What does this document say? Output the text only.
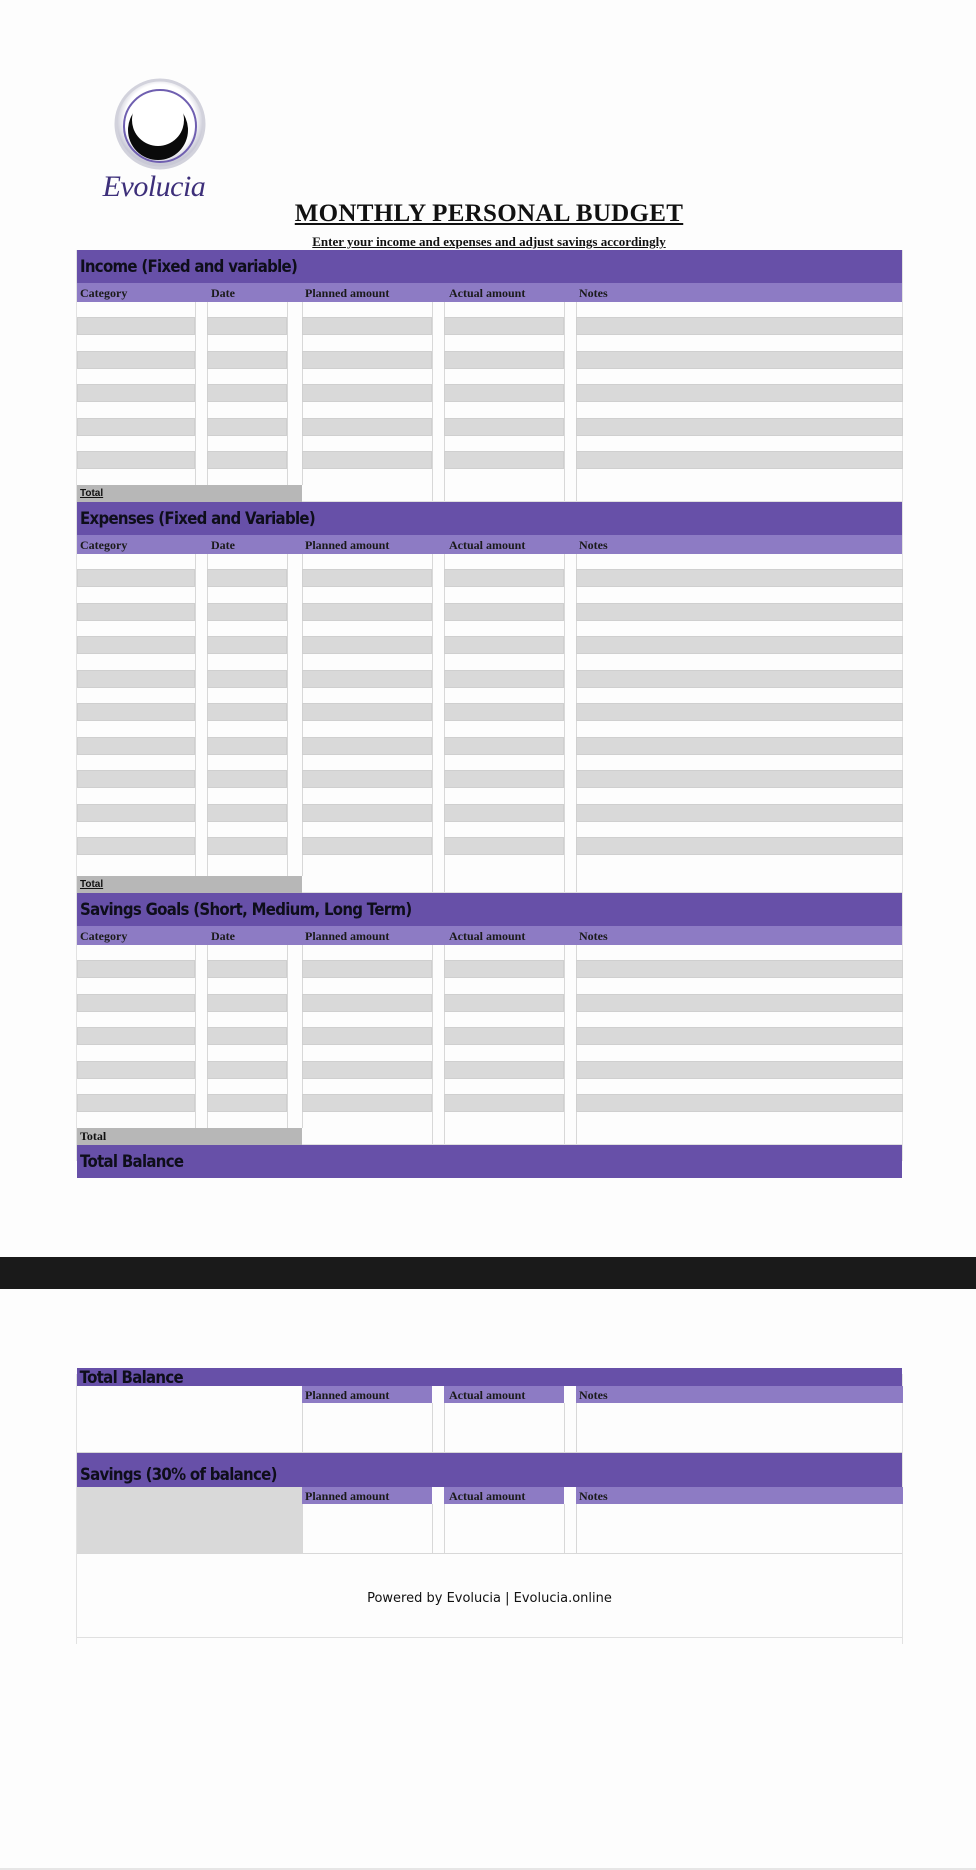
Evolucia
MONTHLY PERSONAL BUDGET
Enter your income and expenses and adjust savings accordingly
Income (Fixed and variable)
Category	Date	Planned amount	Actual amount	Notes
Total
Expenses (Fixed and Variable)
Category	Date	Planned amount	Actual amount	Notes
Total
Savings Goals (Short, Medium, Long Term)
Category	Date	Planned amount	Actual amount	Notes
Total
Total Balance
Total Balance
Planned amount	Actual amount	Notes
Savings (30% of balance)
Planned amount	Actual amount	Notes
Powered by Evolucia | Evolucia.online
